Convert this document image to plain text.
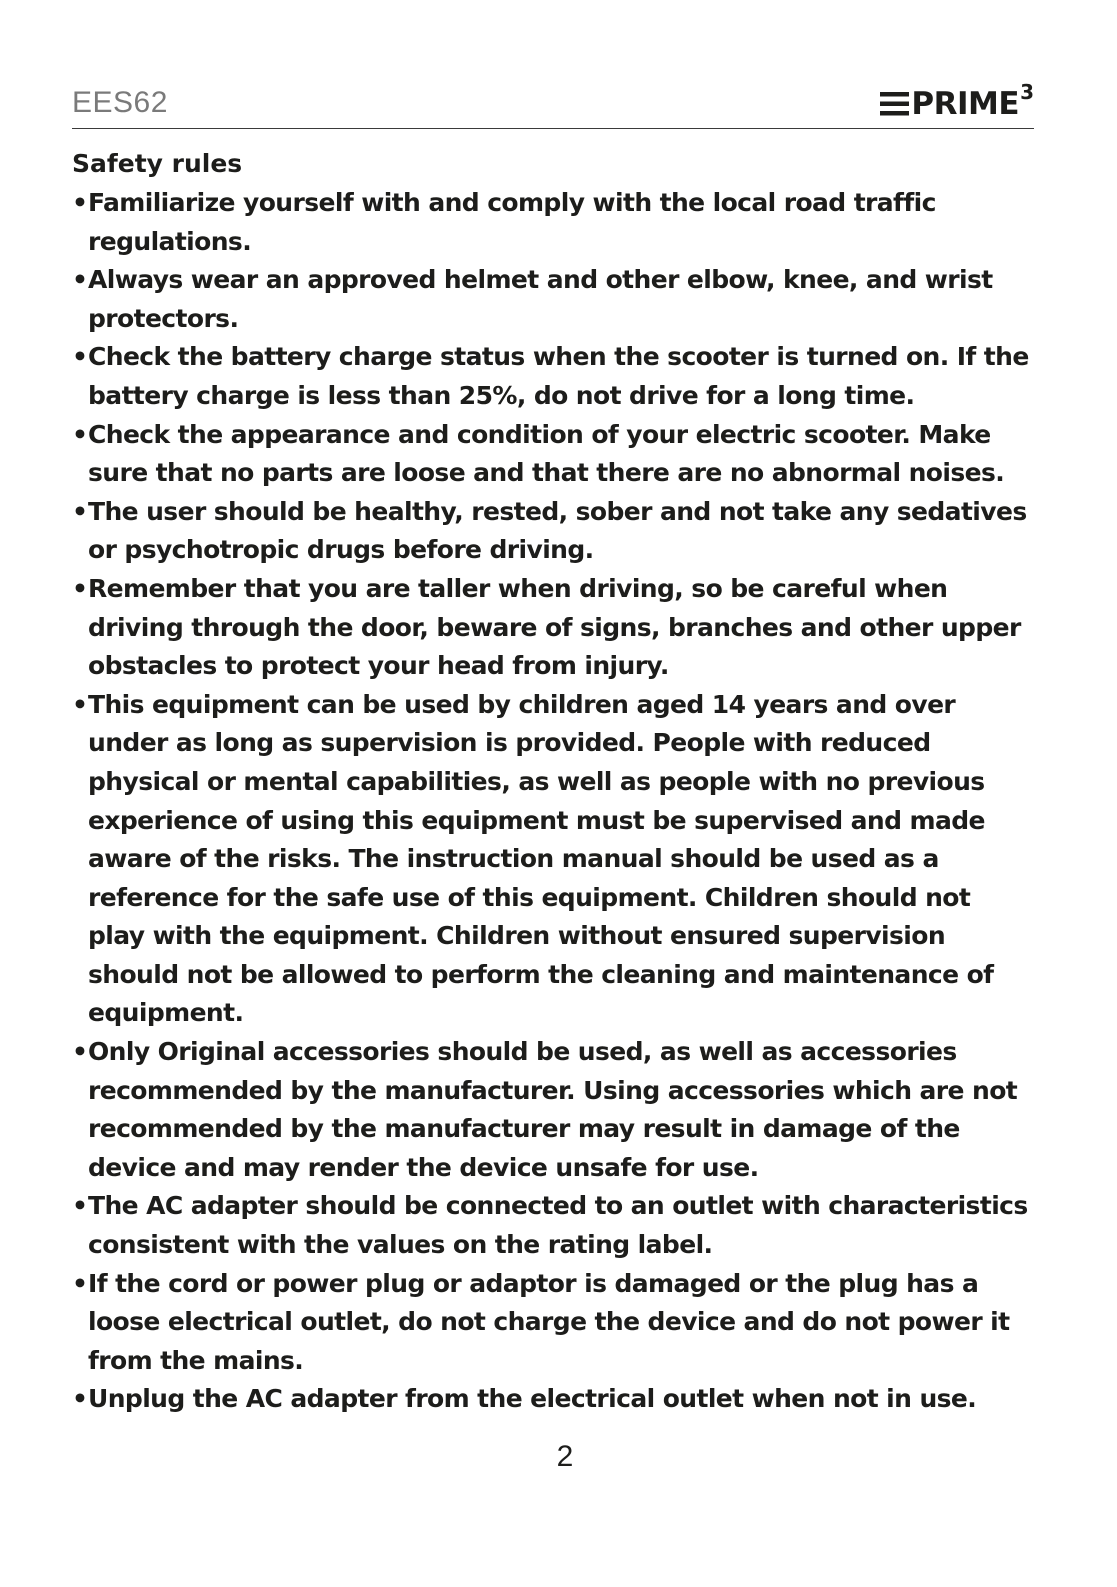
EES62	PRIME 3
Safety rules
• Familiarize yourself with and comply with the local road traffic regulations.
• Always wear an approved helmet and other elbow, knee, and wrist protectors.
• Check the battery charge status when the scooter is turned on. If the battery charge is less than 25%, do not drive for a long time.
• Check the appearance and condition of your electric scooter. Make sure that no parts are loose and that there are no abnormal noises.
• The user should be healthy, rested, sober and not take any sedatives or psychotropic drugs before driving.
• Remember that you are taller when driving, so be careful when driving through the door, beware of signs, branches and other upper obstacles to protect your head from injury.
• This equipment can be used by children aged 14 years and over under as long as supervision is provided. People with reduced physical or mental capabilities, as well as people with no previous experience of using this equipment must be supervised and made aware of the risks. The instruction manual should be used as a reference for the safe use of this equipment. Children should not play with the equipment. Children without ensured supervision should not be allowed to perform the cleaning and maintenance of equipment.
• Only Original accessories should be used, as well as accessories recommended by the manufacturer. Using accessories which are not recommended by the manufacturer may result in damage of the device and may render the device unsafe for use.
• The AC adapter should be connected to an outlet with characteristics consistent with the values on the rating label.
• If the cord or power plug or adaptor is damaged or the plug has a loose electrical outlet, do not charge the device and do not power it from the mains.
• Unplug the AC adapter from the electrical outlet when not in use.
2
